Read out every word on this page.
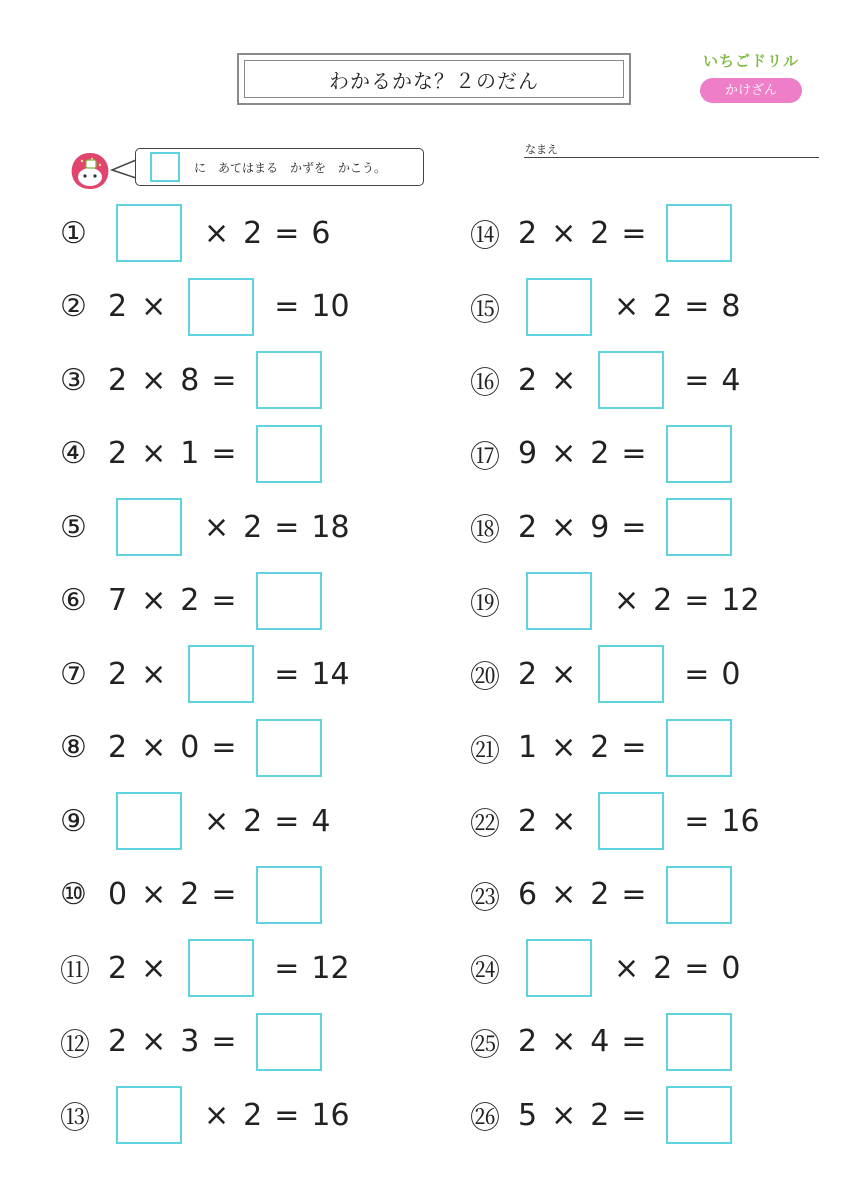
わかるかな？２のだん
いちごドリル
かけざん
に　あてはまる　かずを　かこう。
なまえ
①	× 2 = 6
② 2 ×	= 10
③ 2 × 8 =
④ 2 × 1 =
⑤	× 2 = 18
⑥ 7 × 2 =
⑦ 2 ×	= 14
⑧ 2 × 0 =
⑨	× 2 = 4
⑩ 0 × 2 =
⑪ 2 ×	= 12
⑫ 2 × 3 =
⑬	× 2 = 16
⑭ 2 × 2 =
⑮	× 2 = 8
⑯ 2 ×	= 4
⑰ 9 × 2 =
⑱ 2 × 9 =
⑲	× 2 = 12
⑳ 2 ×	= 0
㉑ 1 × 2 =
㉒ 2 ×	= 16
㉓ 6 × 2 =
㉔	× 2 = 0
㉕ 2 × 4 =
㉖ 5 × 2 =
